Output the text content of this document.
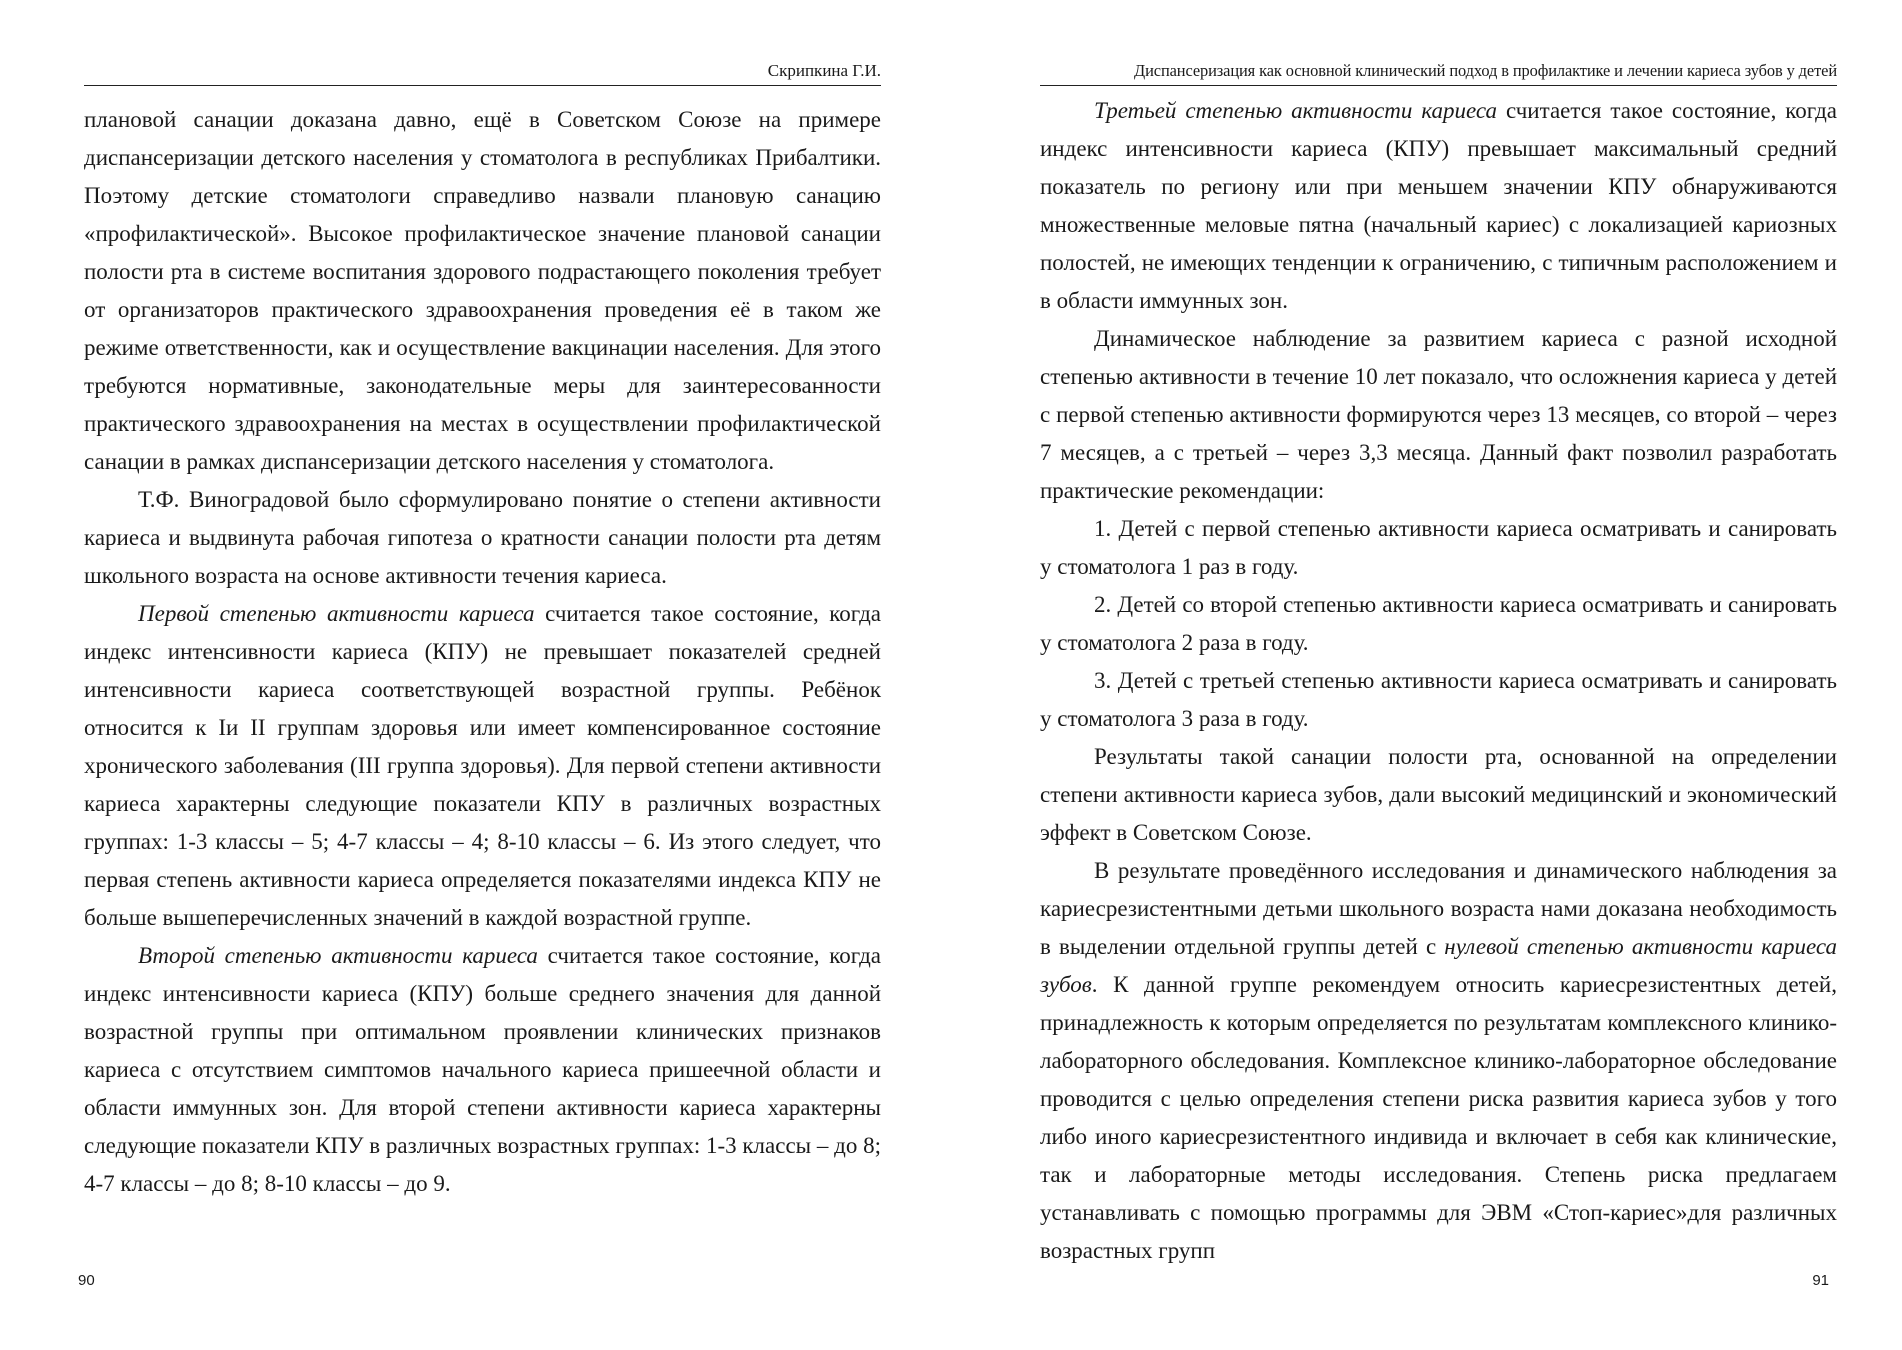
Скрипкина Г.И.

плановой санации доказана давно, ещё в Советском Союзе на примере диспансеризации детского населения у стоматолога в республиках Прибалтики. Поэтому детские стоматологи справедливо назвали плановую санацию «профилактической». Высокое профилактическое значение плановой санации полости рта в системе воспитания здорового подрастающего поколения требует от организаторов практического здравоохранения проведения её в таком же режиме ответственности, как и осуществление вакцинации населения. Для этого требуются нормативные, законодательные меры для заинтересованности практического здравоохранения на местах в осуществлении профилактической санации в рамках диспансеризации детского населения у стоматолога.

Т.Ф. Виноградовой было сформулировано понятие о степени активности кариеса и выдвинута рабочая гипотеза о кратности санации полости рта детям школьного возраста на основе активности течения кариеса.

Первой степенью активности кариеса считается такое состояние, когда индекс интенсивности кариеса (КПУ) не превышает показателей средней интенсивности кариеса соответствующей возрастной группы. Ребёнок относится к Iи II группам здоровья или имеет компенсированное состояние хронического заболевания (III группа здоровья). Для первой степени активности кариеса характерны следующие показатели КПУ в различных возрастных группах: 1-3 классы – 5; 4-7 классы – 4; 8-10 классы – 6. Из этого следует, что первая степень активности кариеса определяется показателями индекса КПУ не больше вышеперечисленных значений в каждой возрастной группе.

Второй степенью активности кариеса считается такое состояние, когда индекс интенсивности кариеса (КПУ) больше среднего значения для данной возрастной группы при оптимальном проявлении клинических признаков кариеса с отсутствием симптомов начального кариеса пришеечной области и области иммунных зон. Для второй степени активности кариеса характерны следующие показатели КПУ в различных возрастных группах: 1-3 классы – до 8; 4-7 классы – до 8; 8-10 классы – до 9.

90
Диспансеризация как основной клинический подход в профилактике и лечении кариеса зубов у детей

Третьей степенью активности кариеса считается такое состояние, когда индекс интенсивности кариеса (КПУ) превышает максимальный средний показатель по региону или при меньшем значении КПУ обнаруживаются множественные меловые пятна (начальный кариес) с локализацией кариозных полостей, не имеющих тенденции к ограничению, с типичным расположением и в области иммунных зон.

Динамическое наблюдение за развитием кариеса с разной исходной степенью активности в течение 10 лет показало, что осложнения кариеса у детей с первой степенью активности формируются через 13 месяцев, со второй – через 7 месяцев, а с третьей – через 3,3 месяца. Данный факт позволил разработать практические рекомендации:

1. Детей с первой степенью активности кариеса осматривать и санировать у стоматолога 1 раз в году.

2. Детей со второй степенью активности кариеса осматривать и санировать у стоматолога 2 раза в году.

3. Детей с третьей степенью активности кариеса осматривать и санировать у стоматолога 3 раза в году.

Результаты такой санации полости рта, основанной на определении степени активности кариеса зубов, дали высокий медицинский и экономический эффект в Советском Союзе.

В результате проведённого исследования и динамического наблюдения за кариесрезистентными детьми школьного возраста нами доказана необходимость в выделении отдельной группы детей с нулевой степенью активности кариеса зубов. К данной группе рекомендуем относить кариесрезистентных детей, принадлежность к которым определяется по результатам комплексного клинико-лабораторного обследования. Комплексное клинико-лабораторное обследование проводится с целью определения степени риска развития кариеса зубов у того либо иного кариесрезистентного индивида и включает в себя как клинические, так и лабораторные методы исследования. Степень риска предлагаем устанавливать с помощью программы для ЭВМ «Стоп-кариес»для различных возрастных групп

91
